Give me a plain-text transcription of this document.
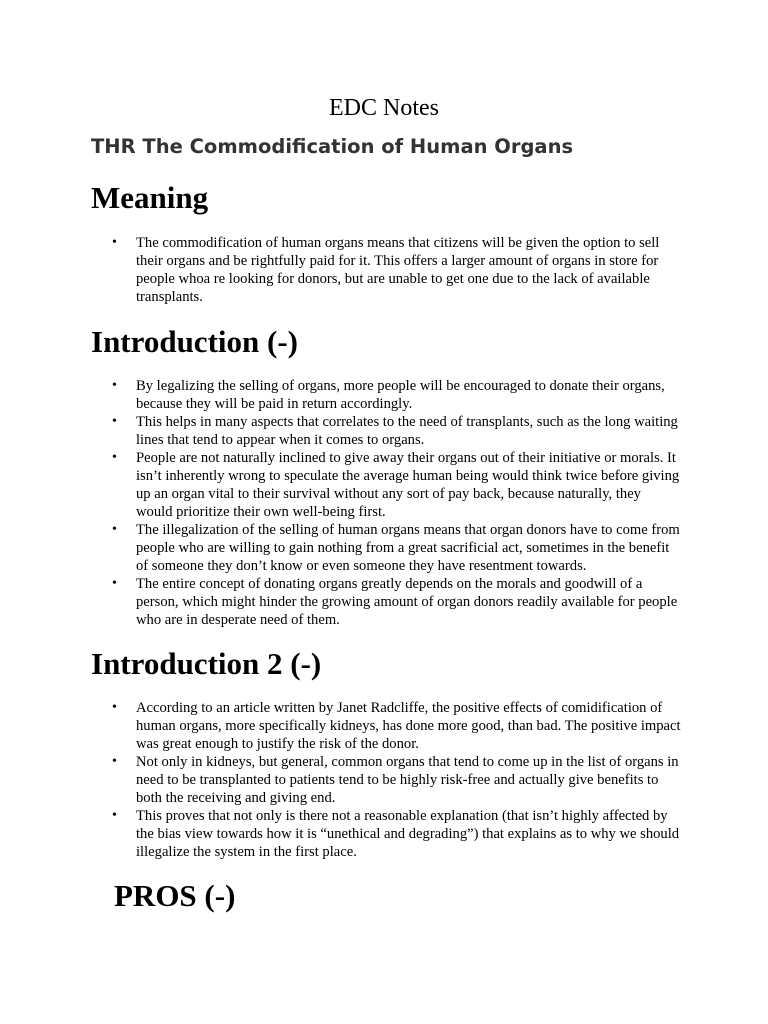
EDC Notes
THR The Commodification of Human Organs
Meaning
• The commodification of human organs means that citizens will be given the option to sell their organs and be rightfully paid for it. This offers a larger amount of organs in store for people whoa re looking for donors, but are unable to get one due to the lack of available transplants.
Introduction (-)
• By legalizing the selling of organs, more people will be encouraged to donate their organs, because they will be paid in return accordingly.
• This helps in many aspects that correlates to the need of transplants, such as the long waiting lines that tend to appear when it comes to organs.
• People are not naturally inclined to give away their organs out of their initiative or morals. It isn’t inherently wrong to speculate the average human being would think twice before giving up an organ vital to their survival without any sort of pay back, because naturally, they would prioritize their own well-being first.
• The illegalization of the selling of human organs means that organ donors have to come from people who are willing to gain nothing from a great sacrificial act, sometimes in the benefit of someone they don’t know or even someone they have resentment towards.
• The entire concept of donating organs greatly depends on the morals and goodwill of a person, which might hinder the growing amount of organ donors readily available for people who are in desperate need of them.
Introduction 2 (-)
• According to an article written by Janet Radcliffe, the positive effects of comidification of human organs, more specifically kidneys, has done more good, than bad. The positive impact was great enough to justify the risk of the donor.
• Not only in kidneys, but general, common organs that tend to come up in the list of organs in need to be transplanted to patients tend to be highly risk-free and actually give benefits to both the receiving and giving end.
• This proves that not only is there not a reasonable explanation (that isn’t highly affected by the bias view towards how it is “unethical and degrading”) that explains as to why we should illegalize the system in the first place.
PROS (-)
